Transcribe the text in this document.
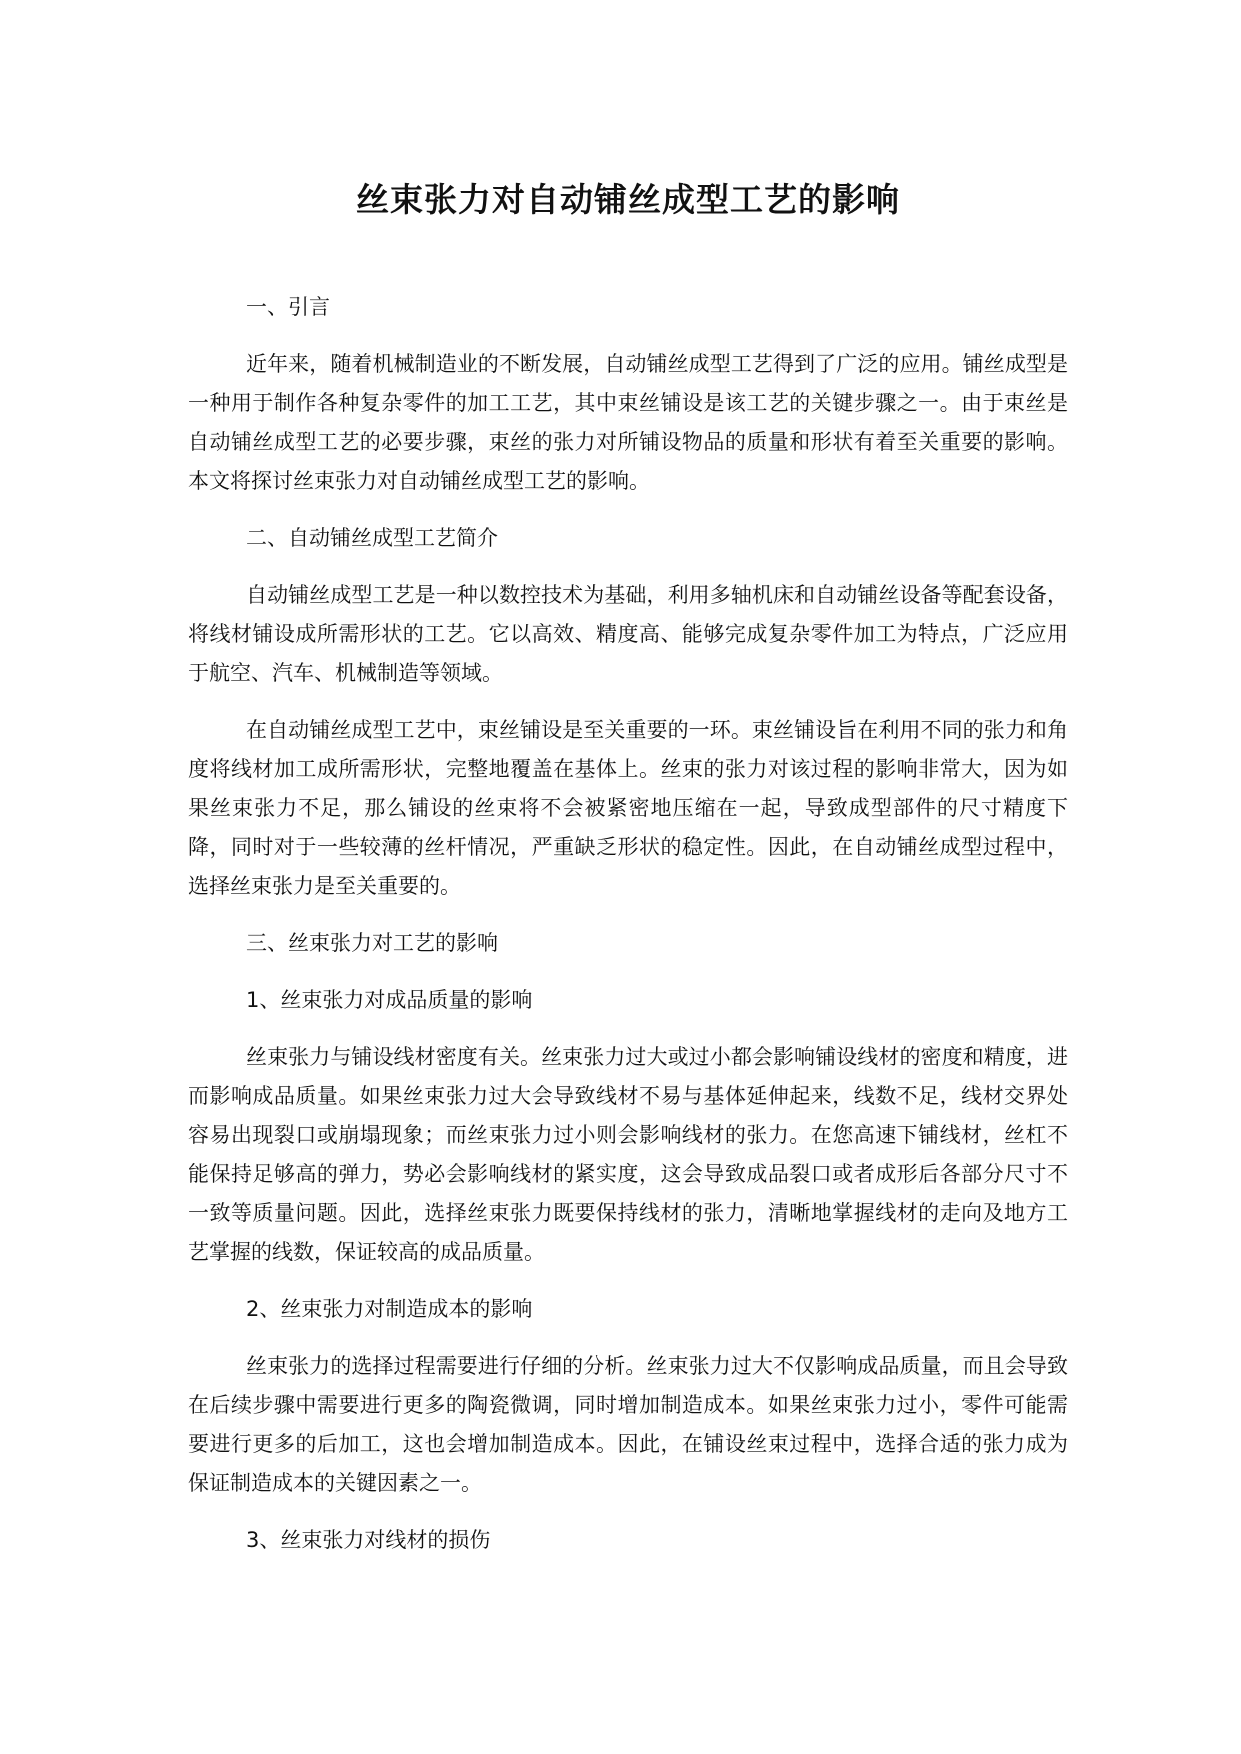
丝束张力对自动铺丝成型工艺的影响
一、引言

近年来，随着机械制造业的不断发展，自动铺丝成型工艺得到了广泛的应用。铺丝成型是一种用于制作各种复杂零件的加工工艺，其中束丝铺设是该工艺的关键步骤之一。由于束丝是自动铺丝成型工艺的必要步骤，束丝的张力对所铺设物品的质量和形状有着至关重要的影响。本文将探讨丝束张力对自动铺丝成型工艺的影响。

二、自动铺丝成型工艺简介

自动铺丝成型工艺是一种以数控技术为基础，利用多轴机床和自动铺丝设备等配套设备，将线材铺设成所需形状的工艺。它以高效、精度高、能够完成复杂零件加工为特点，广泛应用于航空、汽车、机械制造等领域。

在自动铺丝成型工艺中，束丝铺设是至关重要的一环。束丝铺设旨在利用不同的张力和角度将线材加工成所需形状，完整地覆盖在基体上。丝束的张力对该过程的影响非常大，因为如果丝束张力不足，那么铺设的丝束将不会被紧密地压缩在一起，导致成型部件的尺寸精度下降，同时对于一些较薄的丝杆情况，严重缺乏形状的稳定性。因此，在自动铺丝成型过程中，选择丝束张力是至关重要的。

三、丝束张力对工艺的影响
1、丝束张力对成品质量的影响

丝束张力与铺设线材密度有关。丝束张力过大或过小都会影响铺设线材的密度和精度，进而影响成品质量。如果丝束张力过大会导致线材不易与基体延伸起来，线数不足，线材交界处容易出现裂口或崩塌现象；而丝束张力过小则会影响线材的张力。在您高速下铺线材，丝杠不能保持足够高的弹力，势必会影响线材的紧实度，这会导致成品裂口或者成形后各部分尺寸不一致等质量问题。因此，选择丝束张力既要保持线材的张力，清晰地掌握线材的走向及地方工艺掌握的线数，保证较高的成品质量。

2、丝束张力对制造成本的影响

丝束张力的选择过程需要进行仔细的分析。丝束张力过大不仅影响成品质量，而且会导致在后续步骤中需要进行更多的陶瓷微调，同时增加制造成本。如果丝束张力过小，零件可能需要进行更多的后加工，这也会增加制造成本。因此，在铺设丝束过程中，选择合适的张力成为保证制造成本的关键因素之一。

3、丝束张力对线材的损伤
